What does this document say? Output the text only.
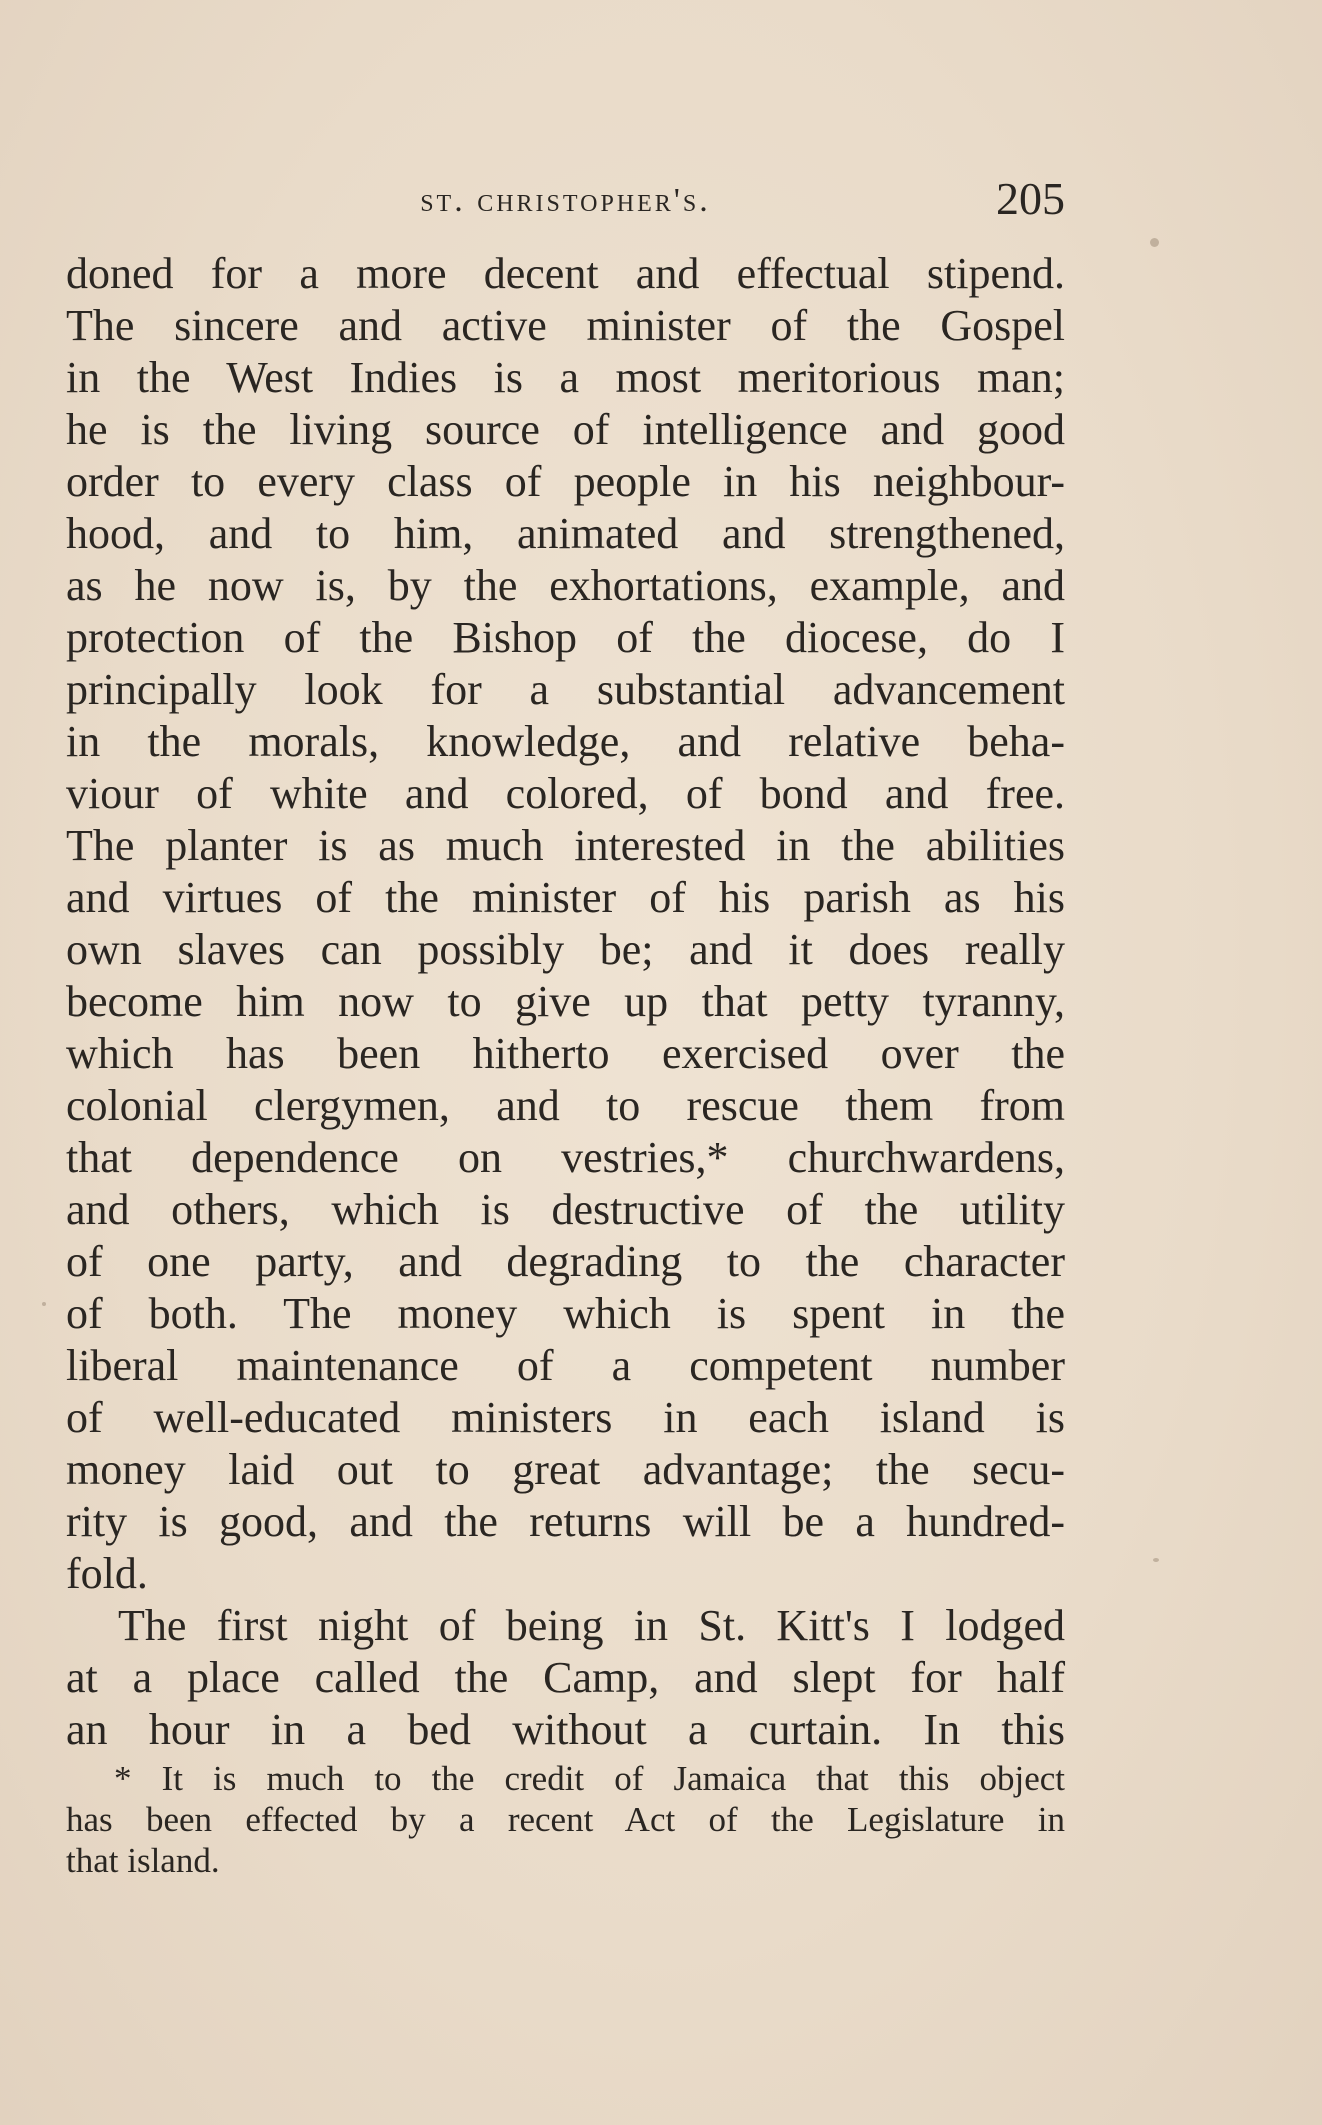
st. christopher's.	205
doned for a more decent and effectual stipend.
The sincere and active minister of the Gospel
in the West Indies is a most meritorious man;
he is the living source of intelligence and good
order to every class of people in his neighbour-
hood, and to him, animated and strengthened,
as he now is, by the exhortations, example, and
protection of the Bishop of the diocese, do I
principally look for a substantial advancement
in the morals, knowledge, and relative beha-
viour of white and colored, of bond and free.
The planter is as much interested in the abilities
and virtues of the minister of his parish as his
own slaves can possibly be; and it does really
become him now to give up that petty tyranny,
which has been hitherto exercised over the
colonial clergymen, and to rescue them from
that dependence on vestries,* churchwardens,
and others, which is destructive of the utility
of one party, and degrading to the character
of both. The money which is spent in the
liberal maintenance of a competent number
of well-educated ministers in each island is
money laid out to great advantage; the secu-
rity is good, and the returns will be a hundred-
fold.
The first night of being in St. Kitt's I lodged
at a place called the Camp, and slept for half
an hour in a bed without a curtain. In this
* It is much to the credit of Jamaica that this object
has been effected by a recent Act of the Legislature in
that island.
